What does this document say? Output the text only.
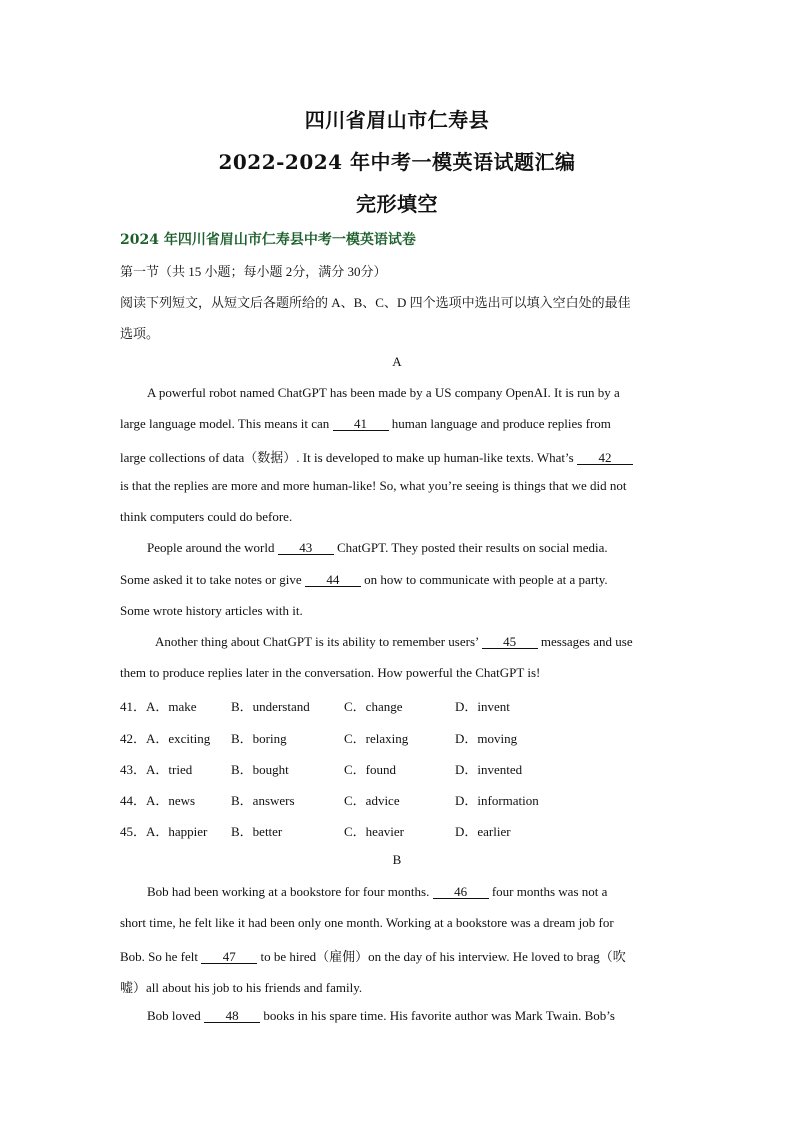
四川省眉山市仁寿县
2022-2024 年中考一模英语试题汇编
完形填空
2024 年四川省眉山市仁寿县中考一模英语试卷
第一节（共 15 小题；每小题 2分，满分 30分）
阅读下列短文，从短文后各题所给的 A、B、C、D 四个选项中选出可以填入空白处的最佳
选项。
A
A powerful robot named ChatGPT has been made by a US company OpenAI. It is run by a
large language model. This means it can 41 human language and produce replies from
large collections of data（数据）. It is developed to make up human-like texts. What’s 42
is that the replies are more and more human-like! So, what you’re seeing is things that we did not
think computers could do before.
People around the world 43 ChatGPT. They posted their results on social media.
Some asked it to take notes or give 44 on how to communicate with people at a party.
Some wrote history articles with it.
Another thing about ChatGPT is its ability to remember users’ 45 messages and use
them to produce replies later in the conversation. How powerful the ChatGPT is!
41．A．make	B．understand	C．change	D．invent
42．A．exciting B．boring	C．relaxing	D．moving
43．A．tried	B．bought	C．found	D．invented
44．A．news	B．answers	C．advice	D．information
45．A．happier B．better	C．heavier	D．earlier
B
Bob had been working at a bookstore for four months. 46 four months was not a
short time, he felt like it had been only one month. Working at a bookstore was a dream job for
Bob. So he felt 47 to be hired（雇佣）on the day of his interview. He loved to brag（吹
嘘）all about his job to his friends and family.
Bob loved 48 books in his spare time. His favorite author was Mark Twain. Bob’s
